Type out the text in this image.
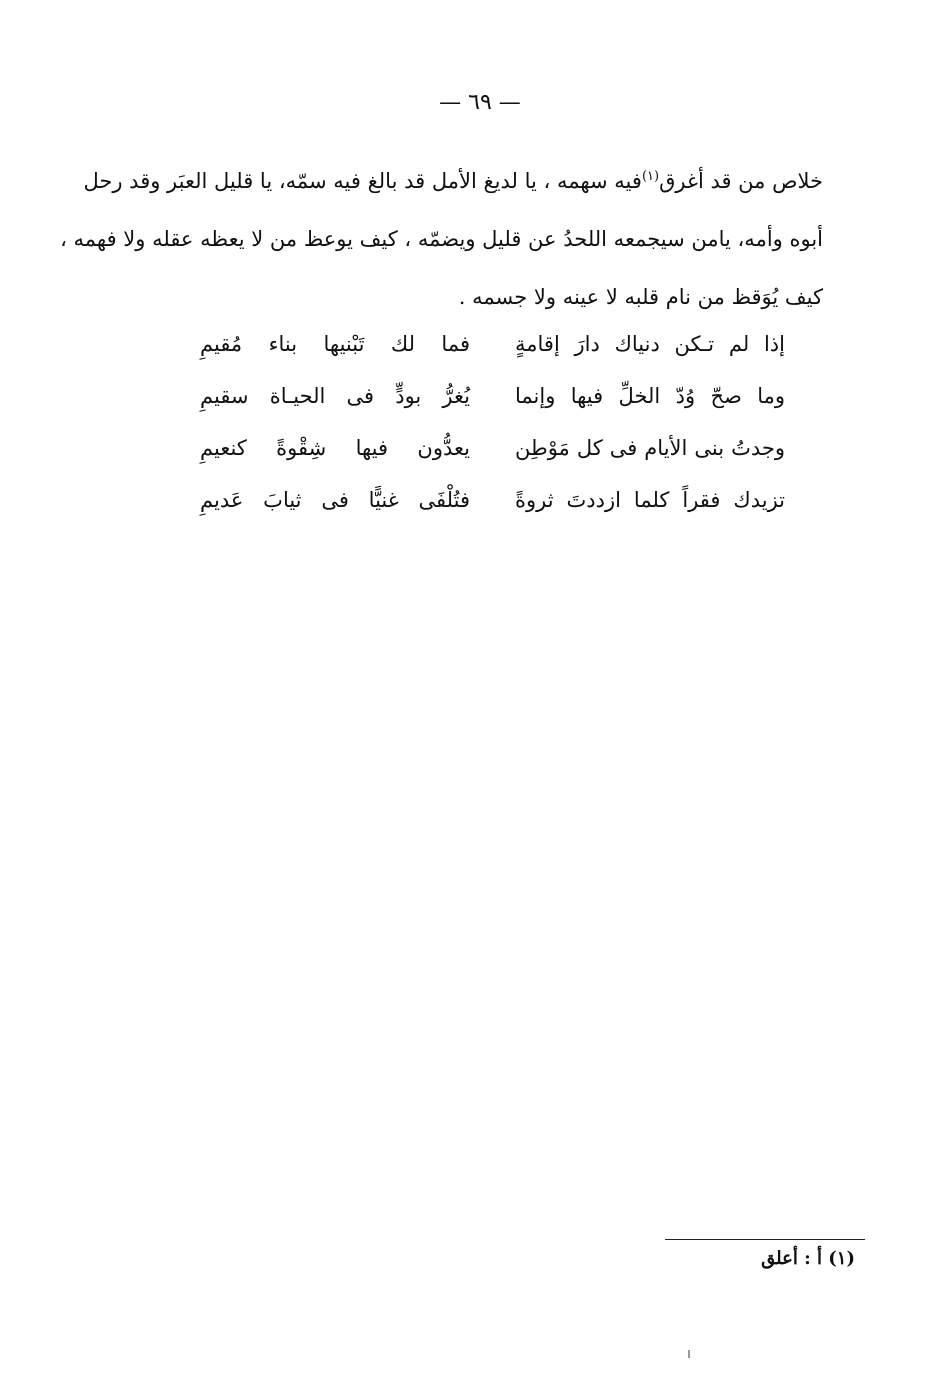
— ٦٩ —

خلاص من قد أغرق$^{(١)}$فيه سهمه ، يا لديغ الأمل قد بالغ فيه سمّه، يا قليل العبَر وقد رحل
أبوه وأمه، يامن سيجمعه اللحدُ عن قليل ويضمّه ، كيف يوعظ من لا يعظه عقله ولا فهمه ،
كيف يُوَقظ من نام قلبه لا عينه ولا جسمه .

إذا لم تـكن دنياك دارَ إقامةٍ
فما لك تَبْنيها بناء مُقيمِ
وما صحّ وُدّ الخلِّ فيها وإنما
يُغرُّ بودٍّ فى الحيـاة سقيمِ
وجدتُ بنى الأيام فى كل مَوْطِن
يعدُّون فيها شِقْوةً كنعيمِ
تزيدك فقراً كلما ازددتَ ثروةً
فتُلْفَى غنيًّا فى ثيابَ عَديمِ
(١) أ : أعلق
